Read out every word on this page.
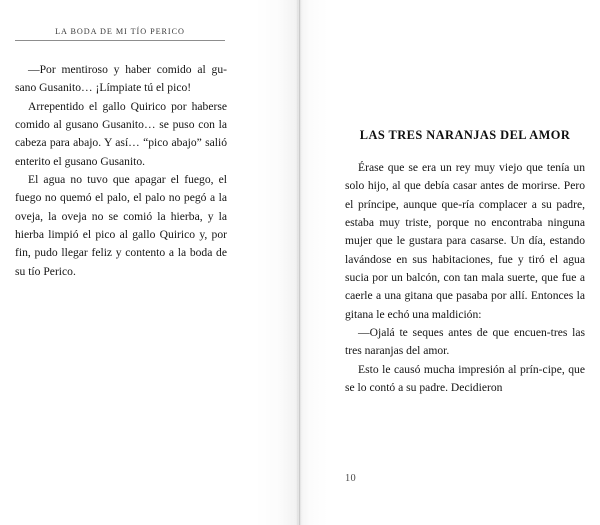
LA BODA DE MI TÍO PERICO

—Por mentiroso y haber comido al gu‐sano Gusanito… ¡Límpiate tú el pico!

Arrepentido el gallo Quirico por haberse comido al gusano Gusanito… se puso con la cabeza para abajo. Y así… “pico abajo” salió enterito el gusano Gusanito.

El agua no tuvo que apagar el fuego, el fuego no quemó el palo, el palo no pegó a la oveja, la oveja no se comió la hierba, y la hierba limpió el pico al gallo Quirico y, por fin, pudo llegar feliz y contento a la boda de su tío Perico.

LAS TRES NARANJAS DEL AMOR

Érase que se era un rey muy viejo que tenía un solo hijo, al que debía casar antes de morirse. Pero el príncipe, aunque que‐ría complacer a su padre, estaba muy triste, porque no encontraba ninguna mujer que le gustara para casarse. Un día, estando lavándose en sus habitaciones, fue y tiró el agua sucia por un balcón, con tan mala suerte, que fue a caerle a una gitana que pasaba por allí. Entonces la gitana le echó una maldición:

—Ojalá te seques antes de que encuen‐tres las tres naranjas del amor.

Esto le causó mucha impresión al prín‐cipe, que se lo contó a su padre. Decidieron

10
